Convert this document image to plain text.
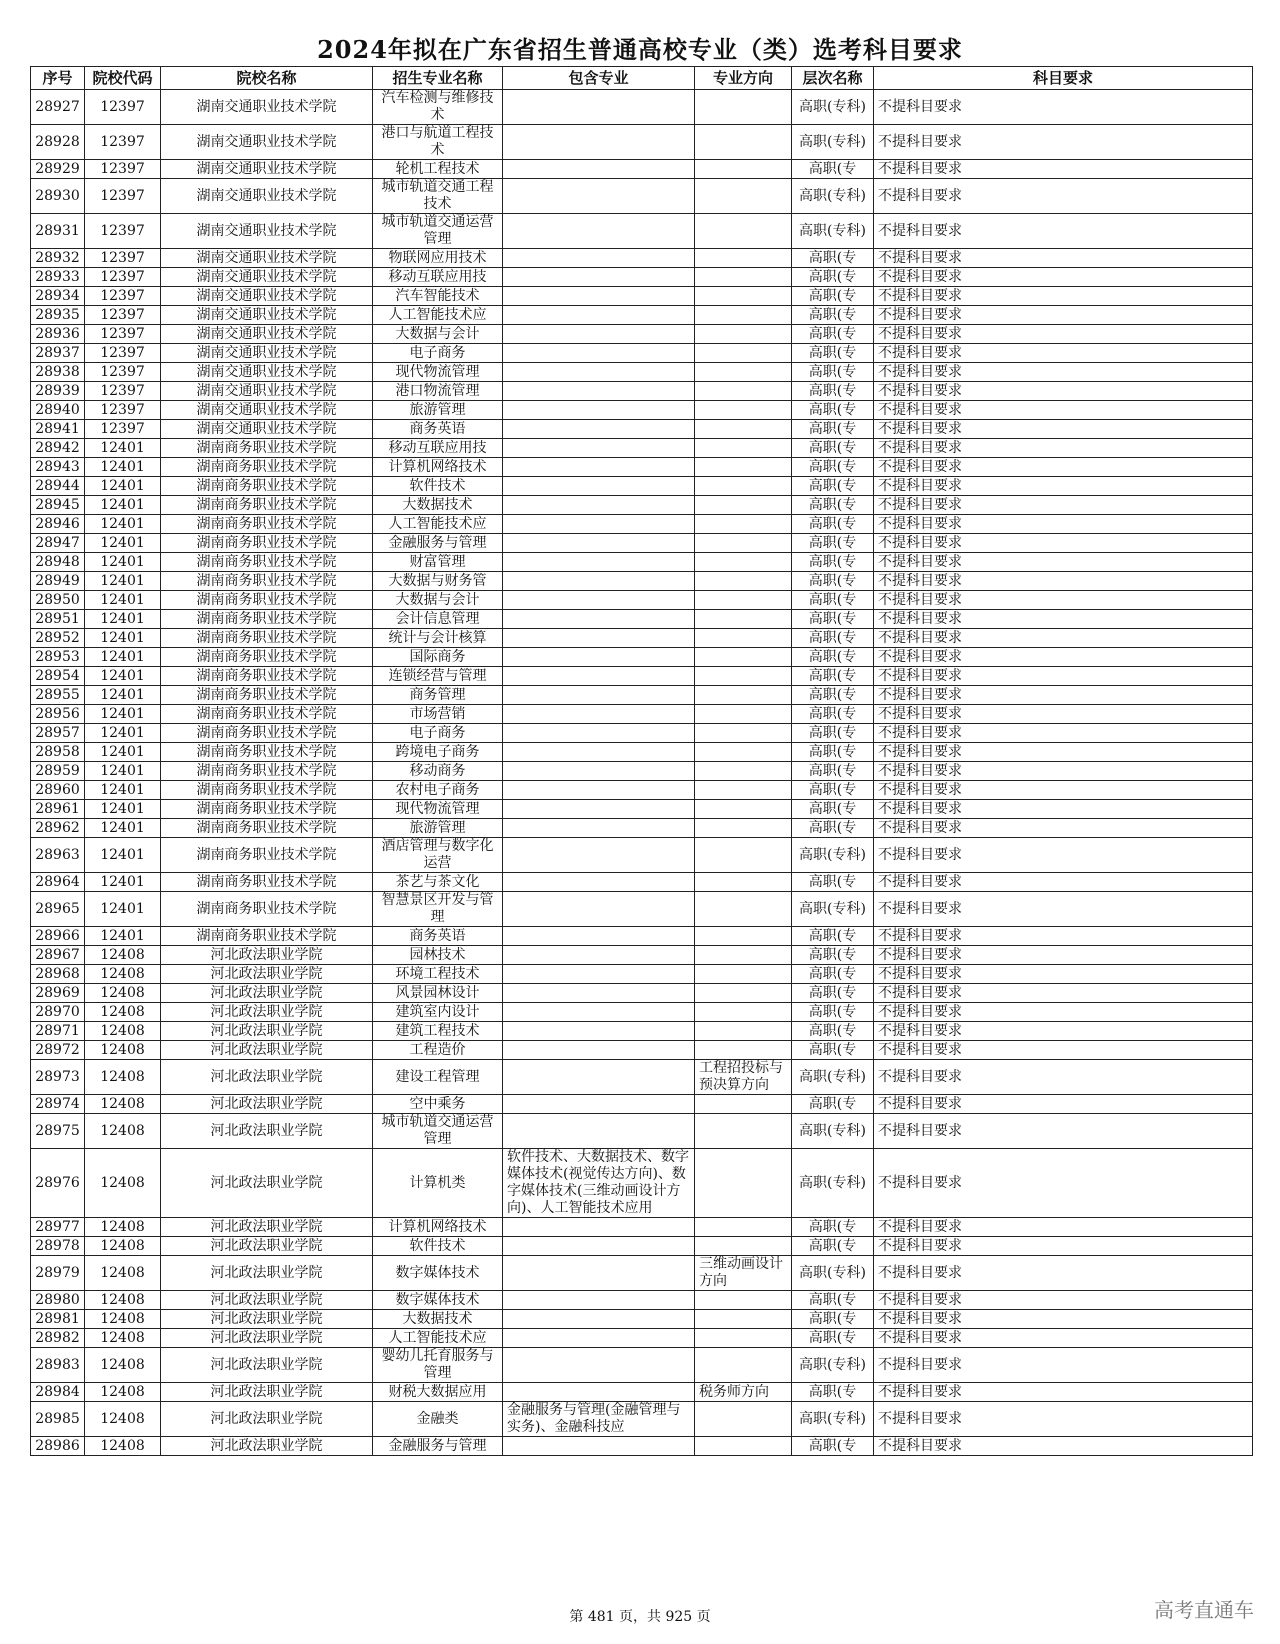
2024年拟在广东省招生普通高校专业（类）选考科目要求
序号	院校代码	院校名称	招生专业名称	包含专业	专业方向	层次名称	科目要求
28927	12397	湖南交通职业技术学院	汽车检测与维修技术			高职(专科)	不提科目要求
28928	12397	湖南交通职业技术学院	港口与航道工程技术			高职(专科)	不提科目要求
28929	12397	湖南交通职业技术学院	轮机工程技术			高职(专	不提科目要求
28930	12397	湖南交通职业技术学院	城市轨道交通工程技术			高职(专科)	不提科目要求
28931	12397	湖南交通职业技术学院	城市轨道交通运营管理			高职(专科)	不提科目要求
28932	12397	湖南交通职业技术学院	物联网应用技术			高职(专	不提科目要求
28933	12397	湖南交通职业技术学院	移动互联应用技			高职(专	不提科目要求
28934	12397	湖南交通职业技术学院	汽车智能技术			高职(专	不提科目要求
28935	12397	湖南交通职业技术学院	人工智能技术应			高职(专	不提科目要求
28936	12397	湖南交通职业技术学院	大数据与会计			高职(专	不提科目要求
28937	12397	湖南交通职业技术学院	电子商务			高职(专	不提科目要求
28938	12397	湖南交通职业技术学院	现代物流管理			高职(专	不提科目要求
28939	12397	湖南交通职业技术学院	港口物流管理			高职(专	不提科目要求
28940	12397	湖南交通职业技术学院	旅游管理			高职(专	不提科目要求
28941	12397	湖南交通职业技术学院	商务英语			高职(专	不提科目要求
28942	12401	湖南商务职业技术学院	移动互联应用技			高职(专	不提科目要求
28943	12401	湖南商务职业技术学院	计算机网络技术			高职(专	不提科目要求
28944	12401	湖南商务职业技术学院	软件技术			高职(专	不提科目要求
28945	12401	湖南商务职业技术学院	大数据技术			高职(专	不提科目要求
28946	12401	湖南商务职业技术学院	人工智能技术应			高职(专	不提科目要求
28947	12401	湖南商务职业技术学院	金融服务与管理			高职(专	不提科目要求
28948	12401	湖南商务职业技术学院	财富管理			高职(专	不提科目要求
28949	12401	湖南商务职业技术学院	大数据与财务管			高职(专	不提科目要求
28950	12401	湖南商务职业技术学院	大数据与会计			高职(专	不提科目要求
28951	12401	湖南商务职业技术学院	会计信息管理			高职(专	不提科目要求
28952	12401	湖南商务职业技术学院	统计与会计核算			高职(专	不提科目要求
28953	12401	湖南商务职业技术学院	国际商务			高职(专	不提科目要求
28954	12401	湖南商务职业技术学院	连锁经营与管理			高职(专	不提科目要求
28955	12401	湖南商务职业技术学院	商务管理			高职(专	不提科目要求
28956	12401	湖南商务职业技术学院	市场营销			高职(专	不提科目要求
28957	12401	湖南商务职业技术学院	电子商务			高职(专	不提科目要求
28958	12401	湖南商务职业技术学院	跨境电子商务			高职(专	不提科目要求
28959	12401	湖南商务职业技术学院	移动商务			高职(专	不提科目要求
28960	12401	湖南商务职业技术学院	农村电子商务			高职(专	不提科目要求
28961	12401	湖南商务职业技术学院	现代物流管理			高职(专	不提科目要求
28962	12401	湖南商务职业技术学院	旅游管理			高职(专	不提科目要求
28963	12401	湖南商务职业技术学院	酒店管理与数字化运营			高职(专科)	不提科目要求
28964	12401	湖南商务职业技术学院	茶艺与茶文化			高职(专	不提科目要求
28965	12401	湖南商务职业技术学院	智慧景区开发与管理			高职(专科)	不提科目要求
28966	12401	湖南商务职业技术学院	商务英语			高职(专	不提科目要求
28967	12408	河北政法职业学院	园林技术			高职(专	不提科目要求
28968	12408	河北政法职业学院	环境工程技术			高职(专	不提科目要求
28969	12408	河北政法职业学院	风景园林设计			高职(专	不提科目要求
28970	12408	河北政法职业学院	建筑室内设计			高职(专	不提科目要求
28971	12408	河北政法职业学院	建筑工程技术			高职(专	不提科目要求
28972	12408	河北政法职业学院	工程造价			高职(专	不提科目要求
28973	12408	河北政法职业学院	建设工程管理		工程招投标与预决算方向	高职(专科)	不提科目要求
28974	12408	河北政法职业学院	空中乘务			高职(专	不提科目要求
28975	12408	河北政法职业学院	城市轨道交通运营管理			高职(专科)	不提科目要求
28976	12408	河北政法职业学院	计算机类	软件技术、大数据技术、数字媒体技术(视觉传达方向)、数字媒体技术(三维动画设计方向)、人工智能技术应用		高职(专科)	不提科目要求
28977	12408	河北政法职业学院	计算机网络技术			高职(专	不提科目要求
28978	12408	河北政法职业学院	软件技术			高职(专	不提科目要求
28979	12408	河北政法职业学院	数字媒体技术		三维动画设计方向	高职(专科)	不提科目要求
28980	12408	河北政法职业学院	数字媒体技术			高职(专	不提科目要求
28981	12408	河北政法职业学院	大数据技术			高职(专	不提科目要求
28982	12408	河北政法职业学院	人工智能技术应			高职(专	不提科目要求
28983	12408	河北政法职业学院	婴幼儿托育服务与管理			高职(专科)	不提科目要求
28984	12408	河北政法职业学院	财税大数据应用		税务师方向	高职(专	不提科目要求
28985	12408	河北政法职业学院	金融类	金融服务与管理(金融管理与实务)、金融科技应		高职(专科)	不提科目要求
28986	12408	河北政法职业学院	金融服务与管理			高职(专	不提科目要求
第 481 页，共 925 页	高考直通车
